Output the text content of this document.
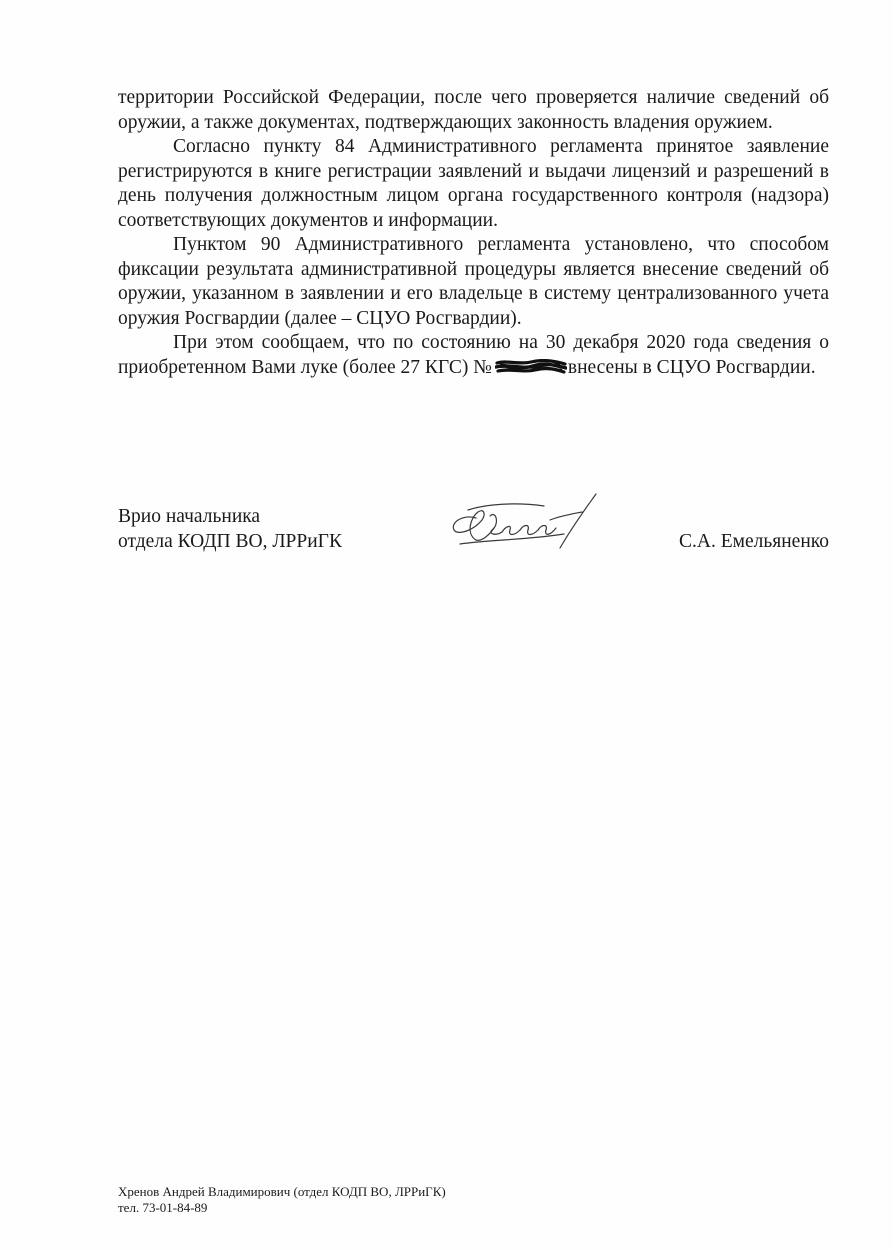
территории Российской Федерации, после чего проверяется наличие сведений об оружии, а также документах, подтверждающих законность владения оружием.

Согласно пункту 84 Административного регламента принятое заявление регистрируются в книге регистрации заявлений и выдачи лицензий и разрешений в день получения должностным лицом органа государственного контроля (надзора) соответствующих документов и информации.

Пунктом 90 Административного регламента установлено, что способом фиксации результата административной процедуры является внесение сведений об оружии, указанном в заявлении и его владельце в систему централизованного учета оружия Росгвардии (далее – СЦУО Росгвардии).

При этом сообщаем, что по состоянию на 30 декабря 2020 года сведения о приобретенном Вами луке (более 27 КГС) №	внесены в СЦУО Росгвардии.

Врио начальника
отдела КОДП ВО, ЛРРиГК	С.А. Емельяненко
Хренов Андрей Владимирович (отдел КОДП ВО, ЛРРиГК)
тел. 73-01-84-89
